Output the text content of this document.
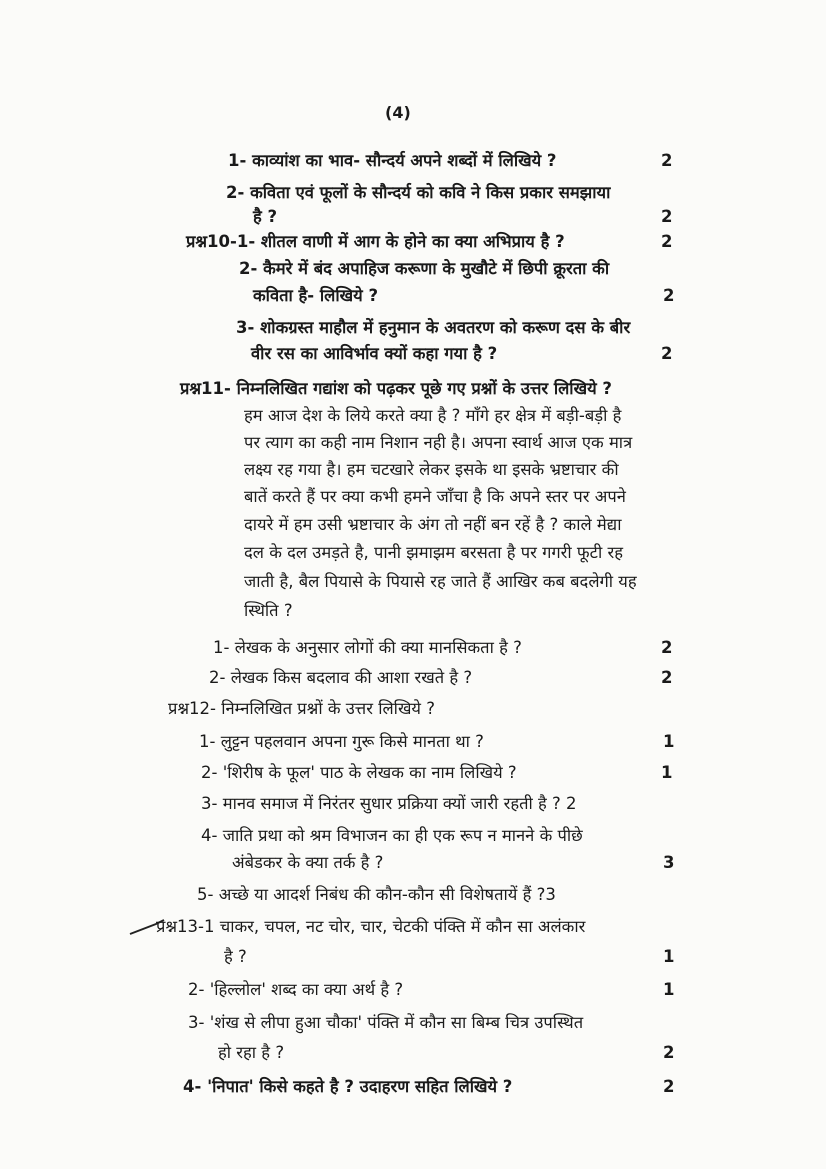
(4)
1- काव्यांश का भाव- सौन्दर्य अपने शब्दों में लिखिये ?	2
2- कविता एवं फूलों के सौन्दर्य को कवि ने किस प्रकार समझाया
है ?	2
प्रश्न10-1- शीतल वाणी में आग के होने का क्या अभिप्राय है ?	2
2- कैमरे में बंद अपाहिज करूणा के मुखौटे में छिपी क्रूरता की
कविता है- लिखिये ?	2
3- शोकग्रस्त माहौल में हनुमान के अवतरण को करूण दस के बीर
वीर रस का आविर्भाव क्यों कहा गया है ?	2
प्रश्न11- निम्नलिखित गद्यांश को पढ़कर पूछे गए प्रश्नों के उत्तर लिखिये ?
हम आज देश के लिये करते क्या है ? माँगे हर क्षेत्र में बड़ी-बड़ी है
पर त्याग का कही नाम निशान नही है। अपना स्वार्थ आज एक मात्र
लक्ष्य रह गया है। हम चटखारे लेकर इसके था इसके भ्रष्टाचार की
बातें करते हैं पर क्या कभी हमने जाँचा है कि अपने स्तर पर अपने
दायरे में हम उसी भ्रष्टाचार के अंग तो नहीं बन रहें है ? काले मेद्या
दल के दल उमड़ते है, पानी झमाझम बरसता है पर गगरी फूटी रह
जाती है, बैल पियासे के पियासे रह जाते हैं आखिर कब बदलेगी यह
स्थिति ?
1- लेखक के अनुसार लोगों की क्या मानसिकता है ?	2
2- लेखक किस बदलाव की आशा रखते है ?	2
प्रश्न12- निम्नलिखित प्रश्नों के उत्तर लिखिये ?
1- लुट्टन पहलवान अपना गुरू किसे मानता था ?	1
2- 'शिरीष के फूल' पाठ के लेखक का नाम लिखिये ?	1
3- मानव समाज में निरंतर सुधार प्रक्रिया क्यों जारी रहती है ? 2
4- जाति प्रथा को श्रम विभाजन का ही एक रूप न मानने के पीछे
अंबेडकर के क्या तर्क है ?	3
5- अच्छे या आदर्श निबंध की कौन-कौन सी विशेषतायें हैं ?3
प्रश्न13-1 चाकर, चपल, नट चोर, चार, चेटकी पंक्ति में कौन सा अलंकार
है ?	1
2- 'हिल्लोल' शब्द का क्या अर्थ है ?	1
3- 'शंख से लीपा हुआ चौका' पंक्ति में कौन सा बिम्ब चित्र उपस्थित
हो रहा है ?	2
4- 'निपात' किसे कहते है ? उदाहरण सहित लिखिये ?	2
